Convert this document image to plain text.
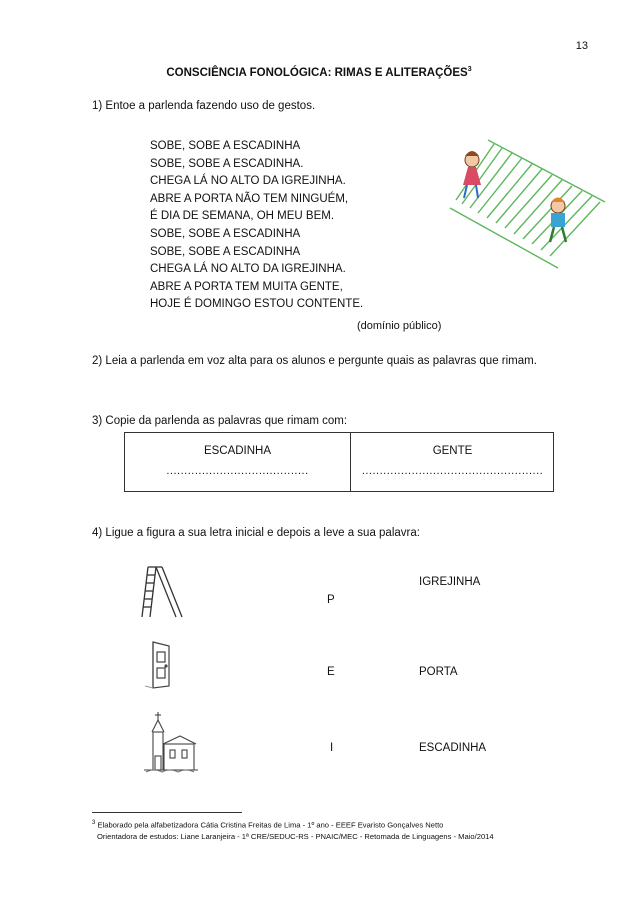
13
CONSCIÊNCIA FONOLÓGICA: RIMAS E ALITERAÇÕES$^3$
1) Entoe a parlenda fazendo uso de gestos.
SOBE, SOBE A ESCADINHA
SOBE, SOBE A ESCADINHA.
CHEGA LÁ NO ALTO DA IGREJINHA.
ABRE A PORTA NÃO TEM NINGUÉM,
É DIA DE SEMANA, OH MEU BEM.
SOBE, SOBE A ESCADINHA
SOBE, SOBE A ESCADINHA
CHEGA LÁ NO ALTO DA IGREJINHA.
ABRE A PORTA TEM MUITA GENTE,
HOJE É DOMINGO ESTOU CONTENTE.
(domínio público)
2) Leia a parlenda em voz alta para os alunos e pergunte quais as palavras que rimam.
3) Copie da parlenda as palavras que rimam com:
ESCADINHA
........................................
GENTE
...................................................
4) Ligue a figura a sua letra inicial e depois a leve a sua palavra:
P
E
I
IGREJINHA
PORTA
ESCADINHA
$^3$ Elaborado pela alfabetizadora Cátia Cristina Freitas de Lima - 1º ano - EEEF Evaristo Gonçalves Netto
Orientadora de estudos: Liane Laranjeira - 1ª CRE/SEDUC-RS - PNAIC/MEC - Retomada de Linguagens - Maio/2014
